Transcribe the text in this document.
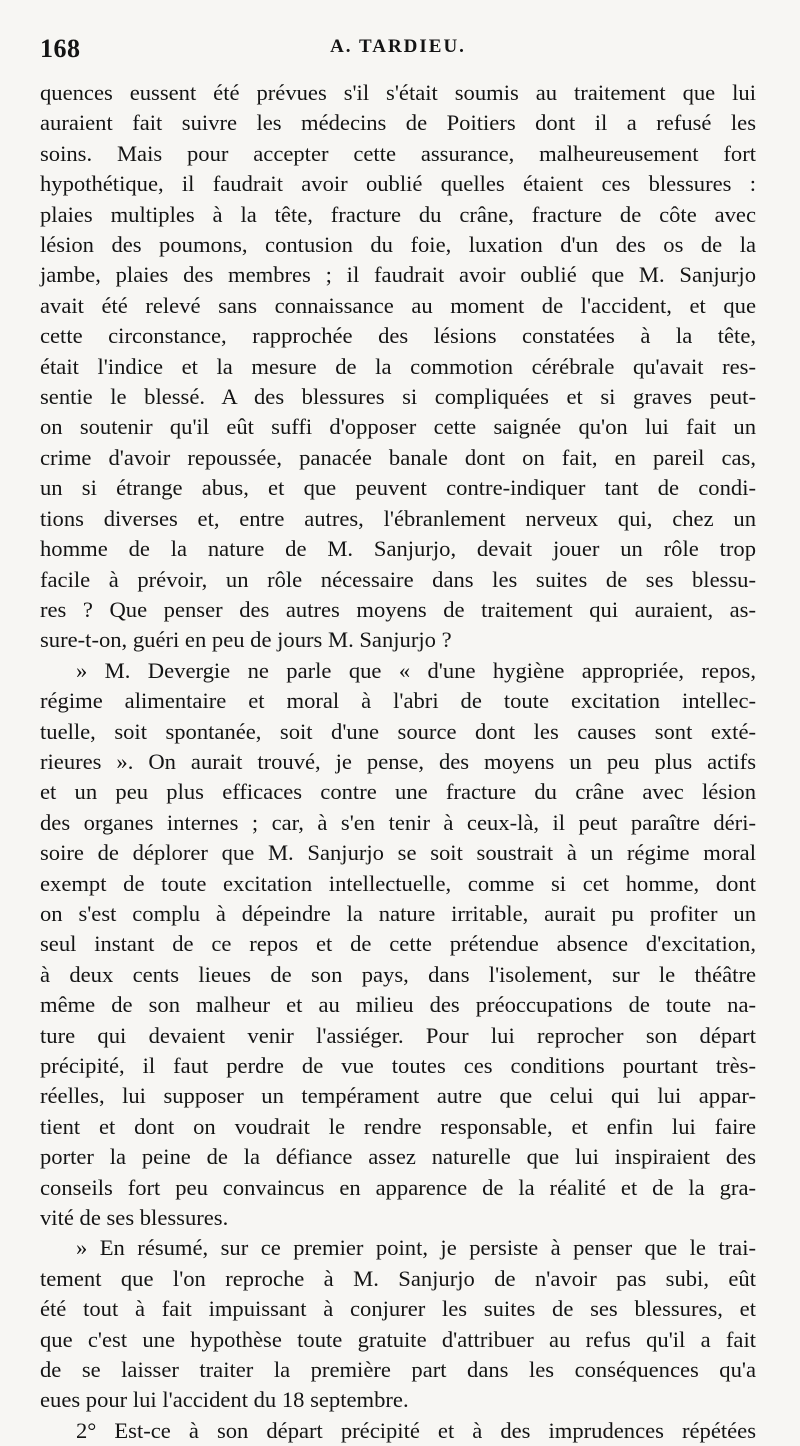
168	A. TARDIEU.
quences eussent été prévues s'il s'était soumis au traitement que lui
auraient fait suivre les médecins de Poitiers dont il a refusé les
soins. Mais pour accepter cette assurance, malheureusement fort
hypothétique, il faudrait avoir oublié quelles étaient ces blessures :
plaies multiples à la tête, fracture du crâne, fracture de côte avec
lésion des poumons, contusion du foie, luxation d'un des os de la
jambe, plaies des membres ; il faudrait avoir oublié que M. Sanjurjo
avait été relevé sans connaissance au moment de l'accident, et que
cette circonstance, rapprochée des lésions constatées à la tête,
était l'indice et la mesure de la commotion cérébrale qu'avait res-
sentie le blessé. A des blessures si compliquées et si graves peut-
on soutenir qu'il eût suffi d'opposer cette saignée qu'on lui fait un
crime d'avoir repoussée, panacée banale dont on fait, en pareil cas,
un si étrange abus, et que peuvent contre-indiquer tant de condi-
tions diverses et, entre autres, l'ébranlement nerveux qui, chez un
homme de la nature de M. Sanjurjo, devait jouer un rôle trop
facile à prévoir, un rôle nécessaire dans les suites de ses blessu-
res ? Que penser des autres moyens de traitement qui auraient, as-
sure-t-on, guéri en peu de jours M. Sanjurjo ?
» M. Devergie ne parle que « d'une hygiène appropriée, repos,
régime alimentaire et moral à l'abri de toute excitation intellec-
tuelle, soit spontanée, soit d'une source dont les causes sont exté-
rieures ». On aurait trouvé, je pense, des moyens un peu plus actifs
et un peu plus efficaces contre une fracture du crâne avec lésion
des organes internes ; car, à s'en tenir à ceux-là, il peut paraître déri-
soire de déplorer que M. Sanjurjo se soit soustrait à un régime moral
exempt de toute excitation intellectuelle, comme si cet homme, dont
on s'est complu à dépeindre la nature irritable, aurait pu profiter un
seul instant de ce repos et de cette prétendue absence d'excitation,
à deux cents lieues de son pays, dans l'isolement, sur le théâtre
même de son malheur et au milieu des préoccupations de toute na-
ture qui devaient venir l'assiéger. Pour lui reprocher son départ
précipité, il faut perdre de vue toutes ces conditions pourtant très-
réelles, lui supposer un tempérament autre que celui qui lui appar-
tient et dont on voudrait le rendre responsable, et enfin lui faire
porter la peine de la défiance assez naturelle que lui inspiraient des
conseils fort peu convaincus en apparence de la réalité et de la gra-
vité de ses blessures.
» En résumé, sur ce premier point, je persiste à penser que le trai-
tement que l'on reproche à M. Sanjurjo de n'avoir pas subi, eût
été tout à fait impuissant à conjurer les suites de ses blessures, et
que c'est une hypothèse toute gratuite d'attribuer au refus qu'il a fait
de se laisser traiter la première part dans les conséquences qu'a
eues pour lui l'accident du 18 septembre.
2° Est-ce à son départ précipité et à des imprudences répétées
